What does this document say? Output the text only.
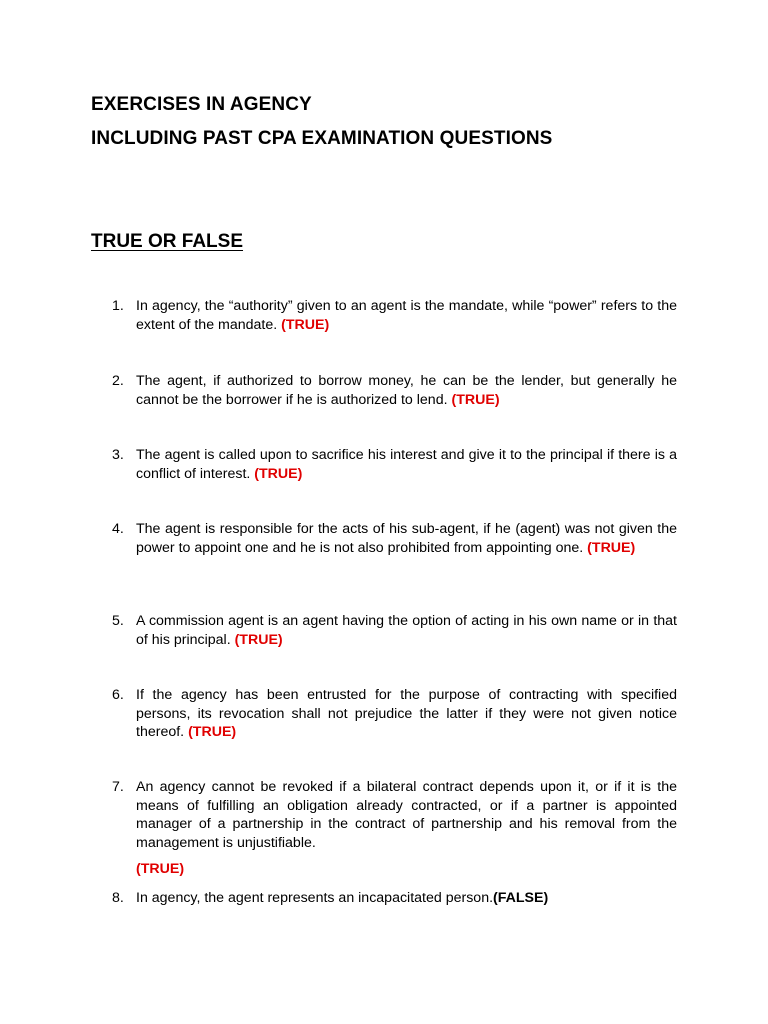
EXERCISES IN AGENCY
INCLUDING PAST CPA EXAMINATION QUESTIONS
TRUE OR FALSE
1. In agency, the “authority” given to an agent is the mandate, while “power” refers to the extent of the mandate. (TRUE)
2. The agent, if authorized to borrow money, he can be the lender, but generally he cannot be the borrower if he is authorized to lend. (TRUE)
3. The agent is called upon to sacrifice his interest and give it to the principal if there is a conflict of interest. (TRUE)
4. The agent is responsible for the acts of his sub-agent, if he (agent) was not given the power to appoint one and he is not also prohibited from appointing one. (TRUE)
5. A commission agent is an agent having the option of acting in his own name or in that of his principal. (TRUE)
6. If the agency has been entrusted for the purpose of contracting with specified persons, its revocation shall not prejudice the latter if they were not given notice thereof. (TRUE)
7. An agency cannot be revoked if a bilateral contract depends upon it, or if it is the means of fulfilling an obligation already contracted, or if a partner is appointed manager of a partnership in the contract of partnership and his removal from the management is unjustifiable.
(TRUE)
8. In agency, the agent represents an incapacitated person.(FALSE)
